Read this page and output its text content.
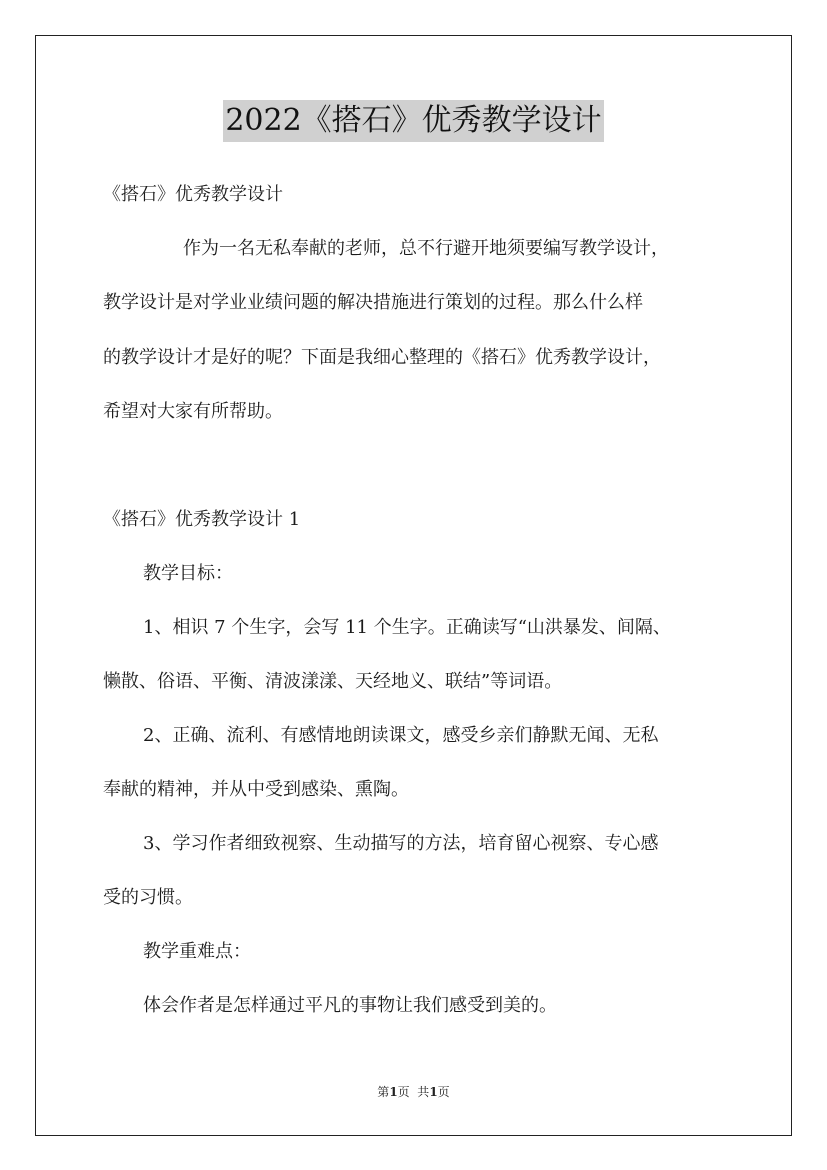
2022《搭石》优秀教学设计
《搭石》优秀教学设计
作为一名无私奉献的老师，总不行避开地须要编写教学设计，
教学设计是对学业业绩问题的解决措施进行策划的过程。那么什么样
的教学设计才是好的呢？下面是我细心整理的《搭石》优秀教学设计，
希望对大家有所帮助。
《搭石》优秀教学设计 1
教学目标：
1、相识 7 个生字，会写 11 个生字。正确读写“山洪暴发、间隔、
懒散、俗语、平衡、清波漾漾、天经地义、联结”等词语。
2、正确、流利、有感情地朗读课文，感受乡亲们静默无闻、无私
奉献的精神，并从中受到感染、熏陶。
3、学习作者细致视察、生动描写的方法，培育留心视察、专心感
受的习惯。
教学重难点：
体会作者是怎样通过平凡的事物让我们感受到美的。
第1页  共1页
